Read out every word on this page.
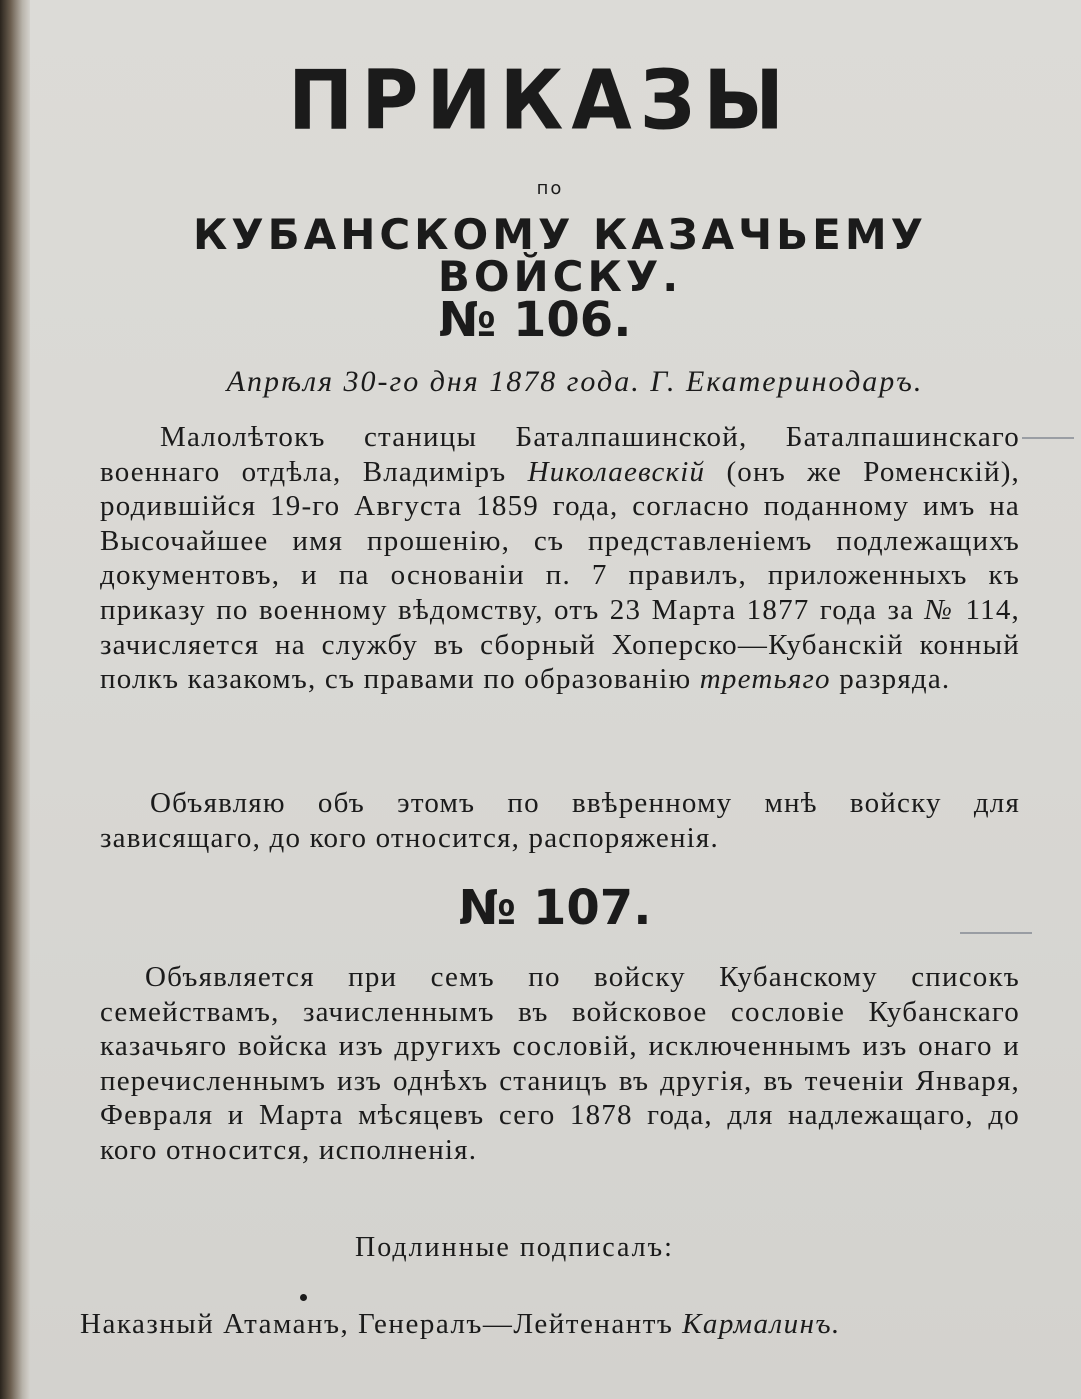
ПРИКАЗЫ
по
КУБАНСКОМУ КАЗАЧЬЕМУ ВОЙСКУ.
№ 106.
Апрѣля 30-го дня 1878 года. Г. Екатеринодаръ.
Малолѣтокъ станицы Баталпашинской, Баталпашинскаго военнаго отдѣла, Владиміръ Николаевскій (онъ же Роменскій), родившійся 19-го Августа 1859 года, согласно поданному имъ на Высочайшее имя прошенію, съ представленіемъ подлежащихъ документовъ, и па основаніи п. 7 правилъ, приложенныхъ къ приказу по военному вѣдомству, отъ 23 Марта 1877 года за № 114, зачисляется на службу въ сборный Хоперско—Кубанскій конный полкъ казакомъ, съ правами по образованію третьяго разряда.
Объявляю объ этомъ по ввѣренному мнѣ войску для зависящаго, до кого относится, распоряженія.
№ 107.
Объявляется при семъ по войску Кубанскому списокъ семействамъ, зачисленнымъ въ войсковое сословіе Кубанскаго казачьяго войска изъ другихъ сословій, исключеннымъ изъ онаго и перечисленнымъ изъ однѣхъ станицъ въ другія, въ теченіи Января, Февраля и Марта мѣсяцевъ сего 1878 года, для надлежащаго, до кого относится, исполненія.
Подлинные подписалъ:
Наказный Атаманъ, Генералъ—Лейтенантъ Кармалинъ.
